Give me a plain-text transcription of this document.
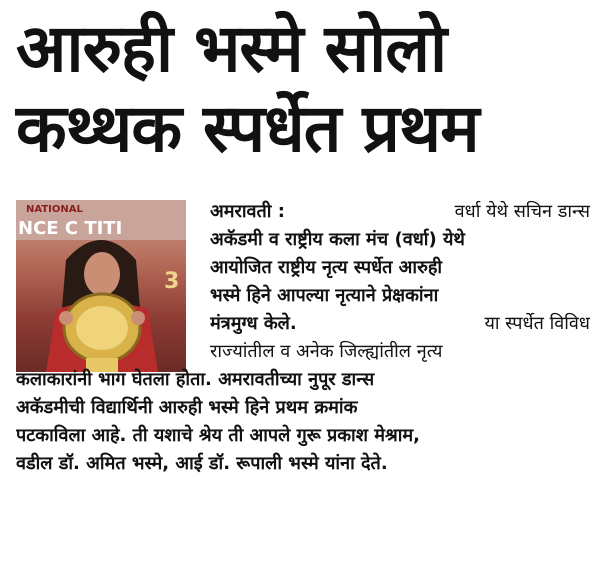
आरुही भस्मे सोलो
कथ्थक स्पर्धेत प्रथम
NATIONAL
NCE C TITI
3
अमरावती :	वर्धा येथे सचिन डान्स
अकॅडमी व राष्ट्रीय कला मंच (वर्धा) येथे
आयोजित राष्ट्रीय नृत्य स्पर्धेत आरुही
भस्मे हिने आपल्या नृत्याने प्रेक्षकांना
मंत्रमुग्ध केले.	या स्पर्धेत विविध
राज्यांतील व अनेक जिल्ह्यांतील नृत्य
कलाकारांनी भाग घेतला होता. अमरावतीच्या नुपूर डान्स
अकॅडमीची विद्यार्थिनी आरुही भस्मे हिने प्रथम क्रमांक
पटकाविला आहे. ती यशाचे श्रेय ती आपले गुरू प्रकाश मेश्राम,
वडील डॉ. अमित भस्मे, आई डॉ. रूपाली भस्मे यांना देते.
